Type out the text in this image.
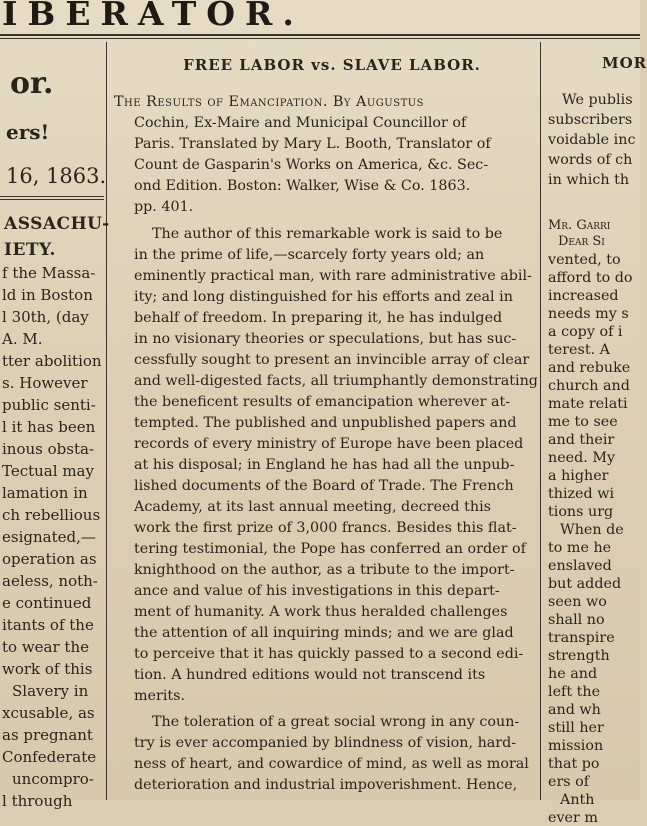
IBERATOR.
or.
ers!
16, 1863.
ASSACHU-
IETY.
f the Massa-
ld in Boston
l 30th, (day
A. M.
tter abolition
s. However
public senti-
l it has been
inous obsta-
Tectual may
lamation in
ch rebellious
esignated,—
operation as
aeless, noth-
e continued
itants of the
to wear the
work of this
Slavery in
xcusable, as
as pregnant
Confederate
uncompro-
l through
FREE LABOR vs. SLAVE LABOR.
The Results of Emancipation. By Augustus
Cochin, Ex-Maire and Municipal Councillor of
Paris. Translated by Mary L. Booth, Translator of
Count de Gasparin's Works on America, &c. Sec-
ond Edition. Boston: Walker, Wise & Co. 1863.
pp. 401.
The author of this remarkable work is said to be
in the prime of life,—scarcely forty years old; an
eminently practical man, with rare administrative abil-
ity; and long distinguished for his efforts and zeal in
behalf of freedom. In preparing it, he has indulged
in no visionary theories or speculations, but has suc-
cessfully sought to present an invincible array of clear
and well-digested facts, all triumphantly demonstrating
the beneficent results of emancipation wherever at-
tempted. The published and unpublished papers and
records of every ministry of Europe have been placed
at his disposal; in England he has had all the unpub-
lished documents of the Board of Trade. The French
Academy, at its last annual meeting, decreed this
work the first prize of 3,000 francs. Besides this flat-
tering testimonial, the Pope has conferred an order of
knighthood on the author, as a tribute to the import-
ance and value of his investigations in this depart-
ment of humanity. A work thus heralded challenges
the attention of all inquiring minds; and we are glad
to perceive that it has quickly passed to a second edi-
tion. A hundred editions would not transcend its
merits.
The toleration of a great social wrong in any coun-
try is ever accompanied by blindness of vision, hard-
ness of heart, and cowardice of mind, as well as moral
deterioration and industrial impoverishment. Hence,
MOR
We publis
subscribers
voidable inc
words of ch
in which th
Mr. Garri
Dear Si
vented, to
afford to do
increased
needs my s
a copy of i
terest. A
and rebuke
church and
mate relati
me to see
and their
need. My
a higher
thized wi
tions urg
When de
to me he
enslaved
but added
seen wo
shall no
transpire
strength
he and
left the
and wh
still her
mission
that po
ers of
Anth
ever m
